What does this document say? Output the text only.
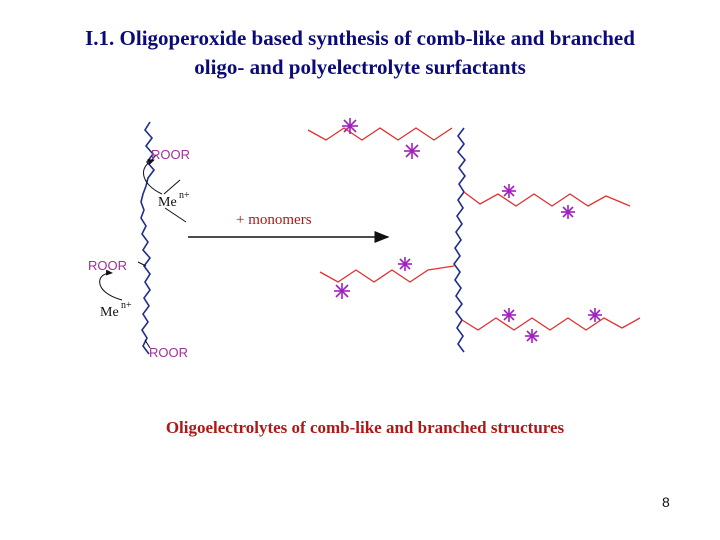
I.1. Oligoperoxide based synthesis of comb-like and branched
oligo- and polyelectrolyte surfactants
ROOR
ROOR
ROOR
Me n+
Me n+
+ monomers
Oligoelectrolytes of comb-like and branched structures
8
